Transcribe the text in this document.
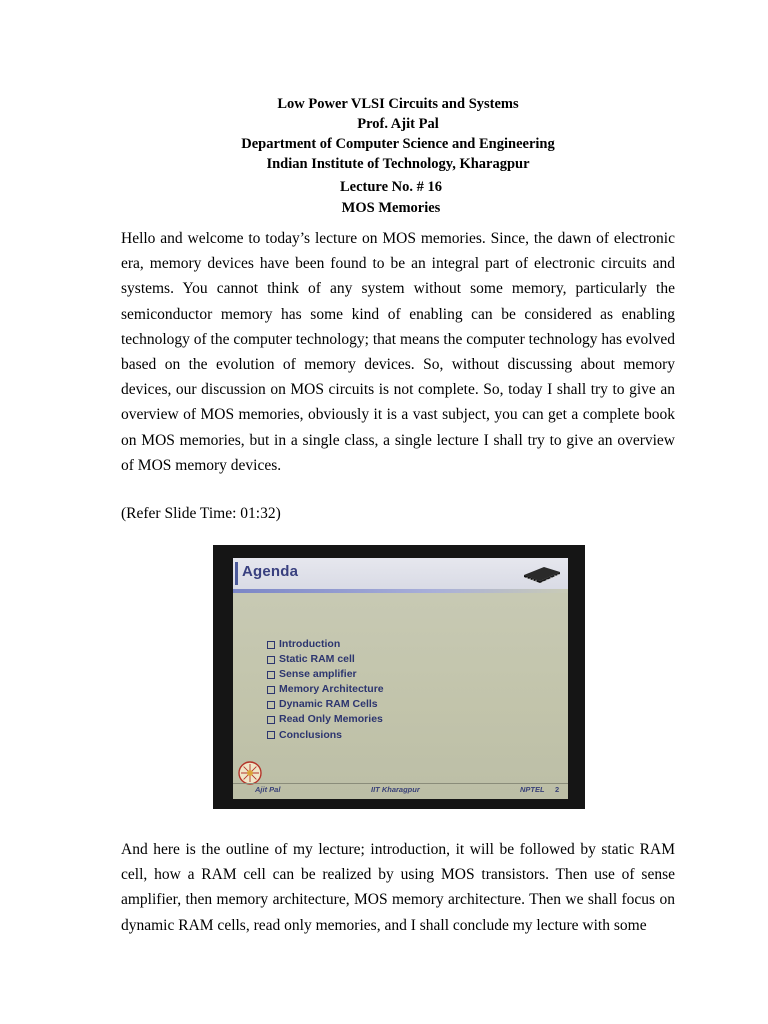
Low Power VLSI Circuits and Systems
Prof. Ajit Pal
Department of Computer Science and Engineering
Indian Institute of Technology, Kharagpur
Lecture No. # 16
MOS Memories

Hello and welcome to today’s lecture on MOS memories. Since, the dawn of electronic era, memory devices have been found to be an integral part of electronic circuits and systems. You cannot think of any system without some memory, particularly the semiconductor memory has some kind of enabling can be considered as enabling technology of the computer technology; that means the computer technology has evolved based on the evolution of memory devices. So, without discussing about memory devices, our discussion on MOS circuits is not complete. So, today I shall try to give an overview of MOS memories, obviously it is a vast subject, you can get a complete book on MOS memories, but in a single class, a single lecture I shall try to give an overview of MOS memory devices.

(Refer Slide Time: 01:32)
Agenda
Introduction
Static RAM cell
Sense amplifier
Memory Architecture
Dynamic RAM Cells
Read Only Memories
Conclusions
Ajit Pal	IIT Kharagpur	NPTEL 2

And here is the outline of my lecture; introduction, it will be followed by static RAM cell, how a RAM cell can be realized by using MOS transistors. Then use of sense amplifier, then memory architecture, MOS memory architecture. Then we shall focus on dynamic RAM cells, read only memories, and I shall conclude my lecture with some
